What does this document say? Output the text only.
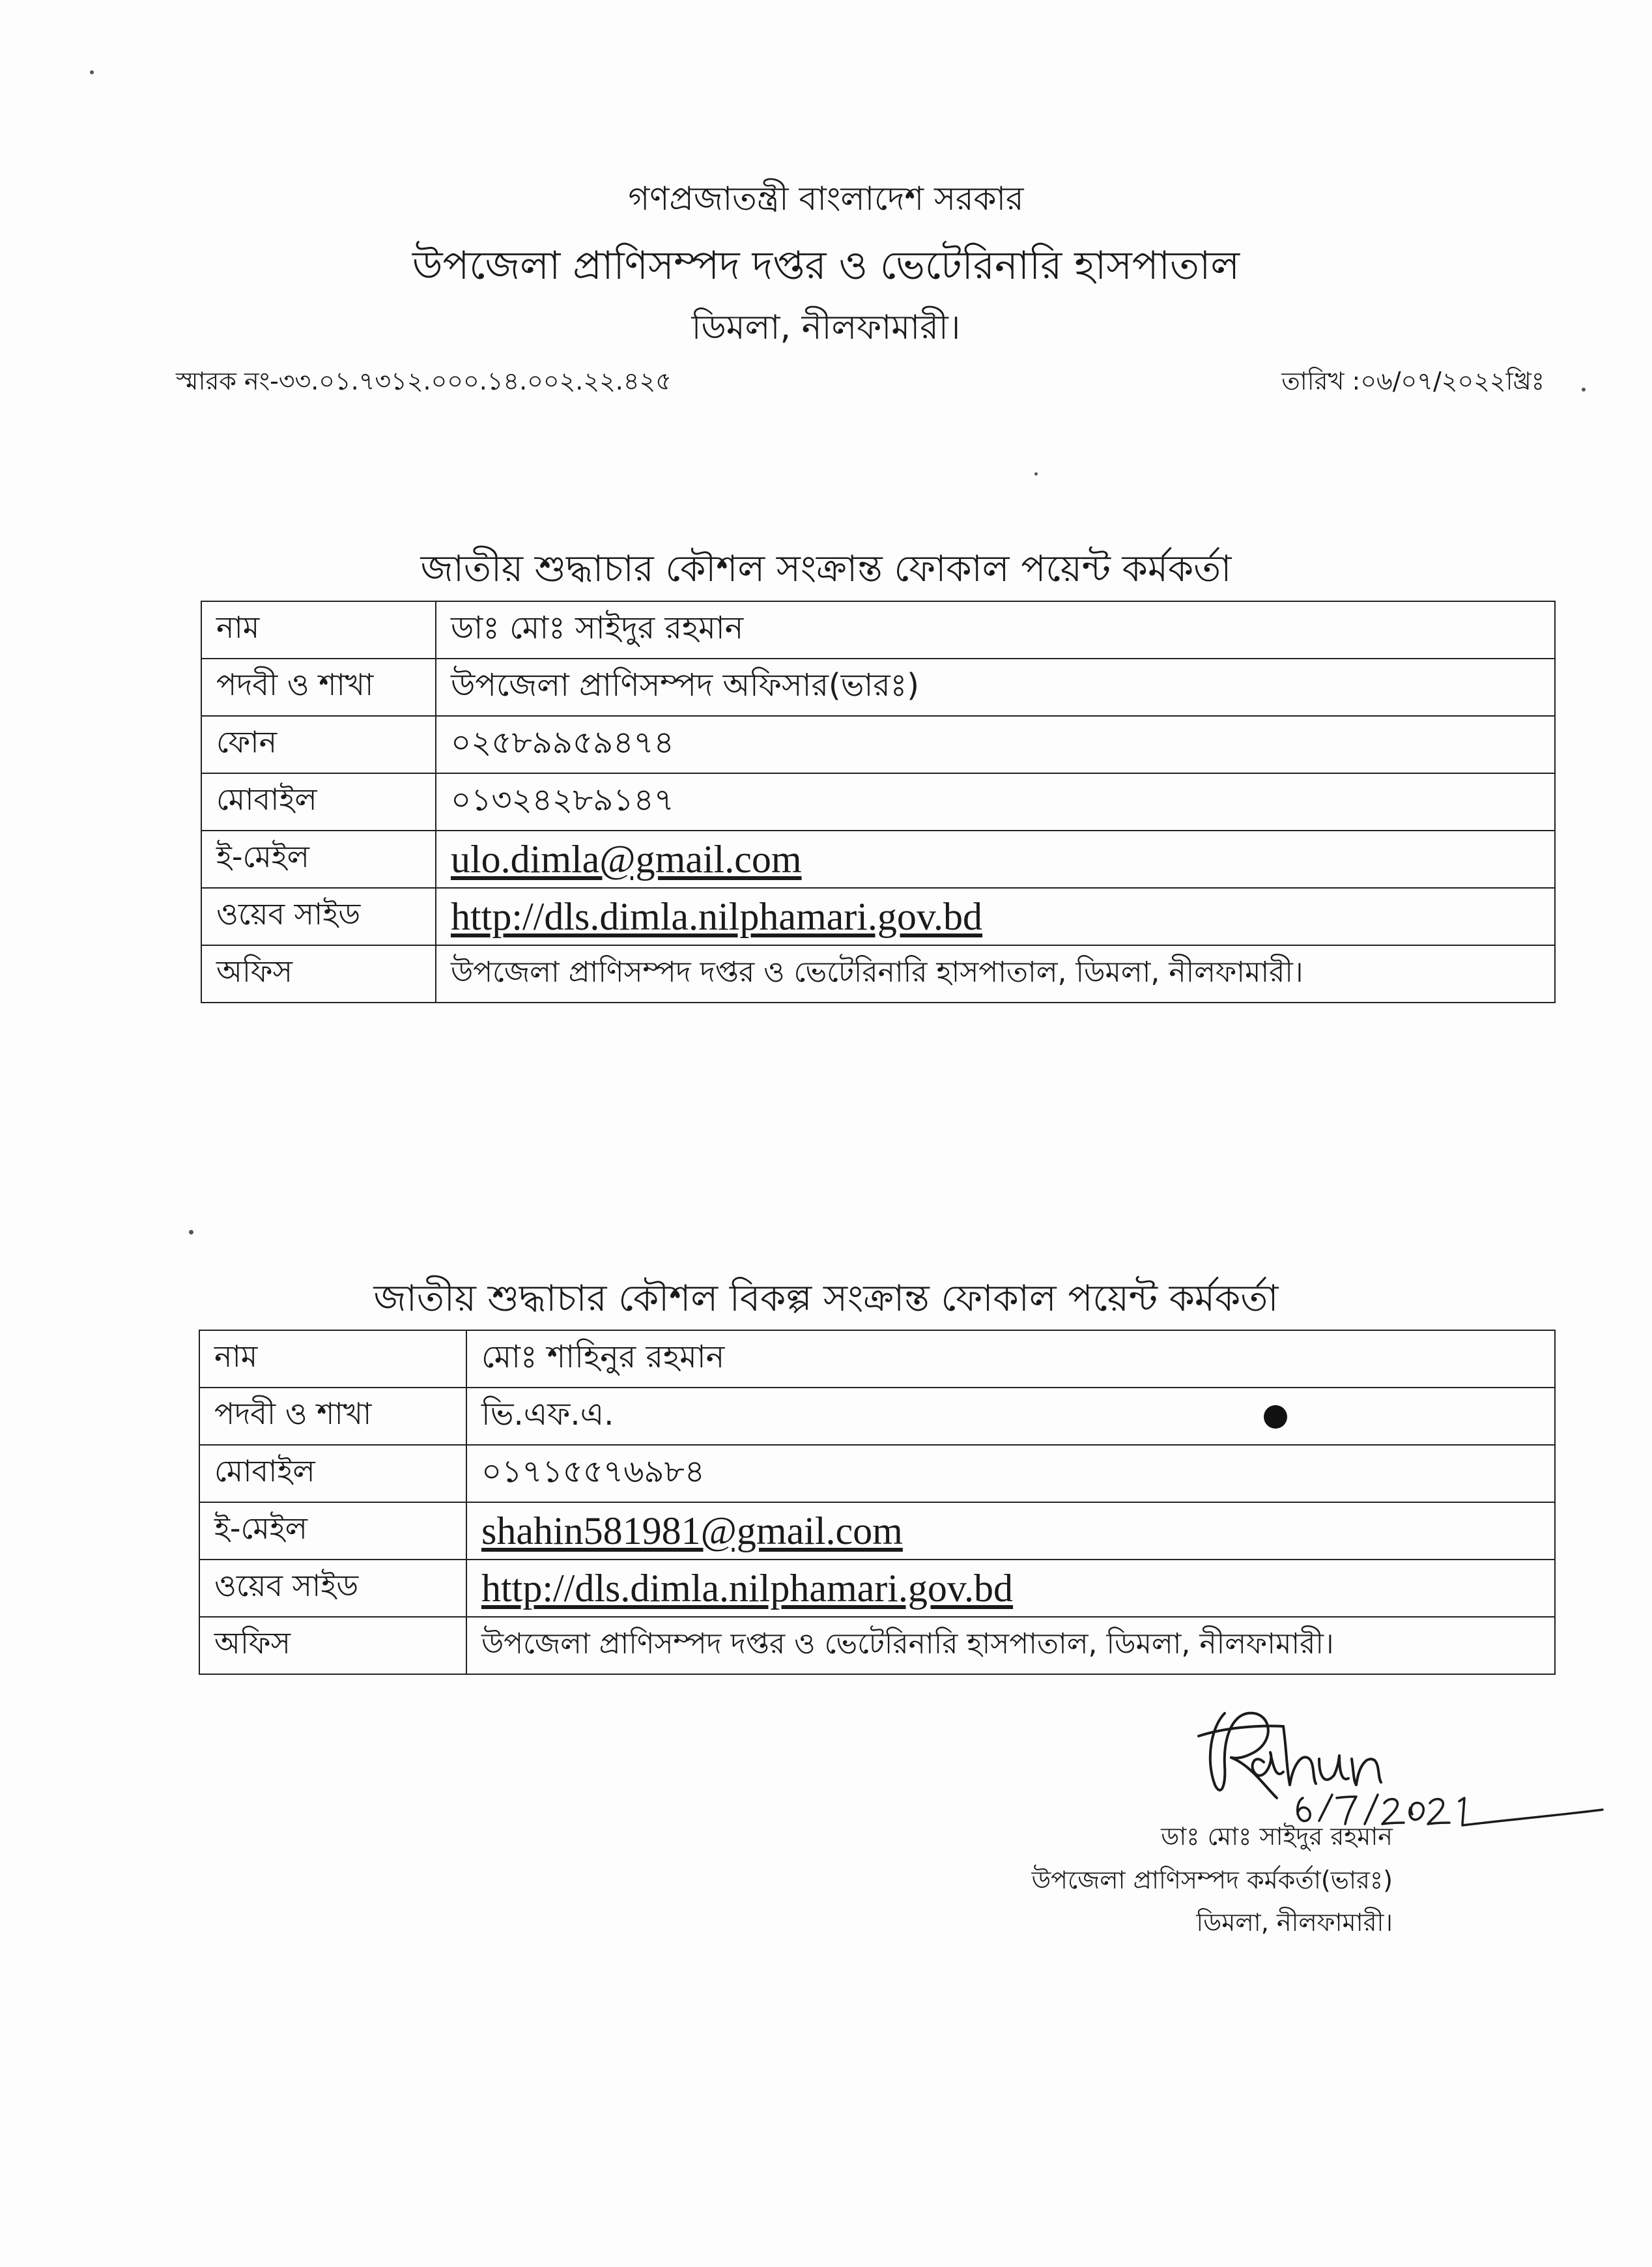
গণপ্রজাতন্ত্রী বাংলাদেশ সরকার
উপজেলা প্রাণিসম্পদ দপ্তর ও ভেটেরিনারি হাসপাতাল
ডিমলা, নীলফামারী।
স্মারক নং-৩৩.০১.৭৩১২.০০০.১৪.০০২.২২.৪২৫	তারিখ :০৬/০৭/২০২২খ্রিঃ
জাতীয় শুদ্ধাচার কৌশল সংক্রান্ত ফোকাল পয়েন্ট কর্মকর্তা
নাম	ডাঃ মোঃ সাইদুর রহমান
পদবী ও শাখা	উপজেলা প্রাণিসম্পদ অফিসার(ভারঃ)
ফোন	০২৫৮৯৯৫৯৪৭৪
মোবাইল	০১৩২৪২৮৯১৪৭
ই-মেইল	ulo.dimla@gmail.com
ওয়েব সাইড	http://dls.dimla.nilphamari.gov.bd
অফিস	উপজেলা প্রাণিসম্পদ দপ্তর ও ভেটেরিনারি হাসপাতাল, ডিমলা, নীলফামারী।
জাতীয় শুদ্ধাচার কৌশল বিকল্প সংক্রান্ত ফোকাল পয়েন্ট কর্মকর্তা
নাম	মোঃ শাহিনুর রহমান
পদবী ও শাখা	ভি.এফ.এ.
মোবাইল	০১৭১৫৫৭৬৯৮৪
ই-মেইল	shahin581981@gmail.com
ওয়েব সাইড	http://dls.dimla.nilphamari.gov.bd
অফিস	উপজেলা প্রাণিসম্পদ দপ্তর ও ভেটেরিনারি হাসপাতাল, ডিমলা, নীলফামারী।
ডাঃ মোঃ সাইদুর রহমান
উপজেলা প্রাণিসম্পদ কর্মকর্তা(ভারঃ)
ডিমলা, নীলফামারী।
